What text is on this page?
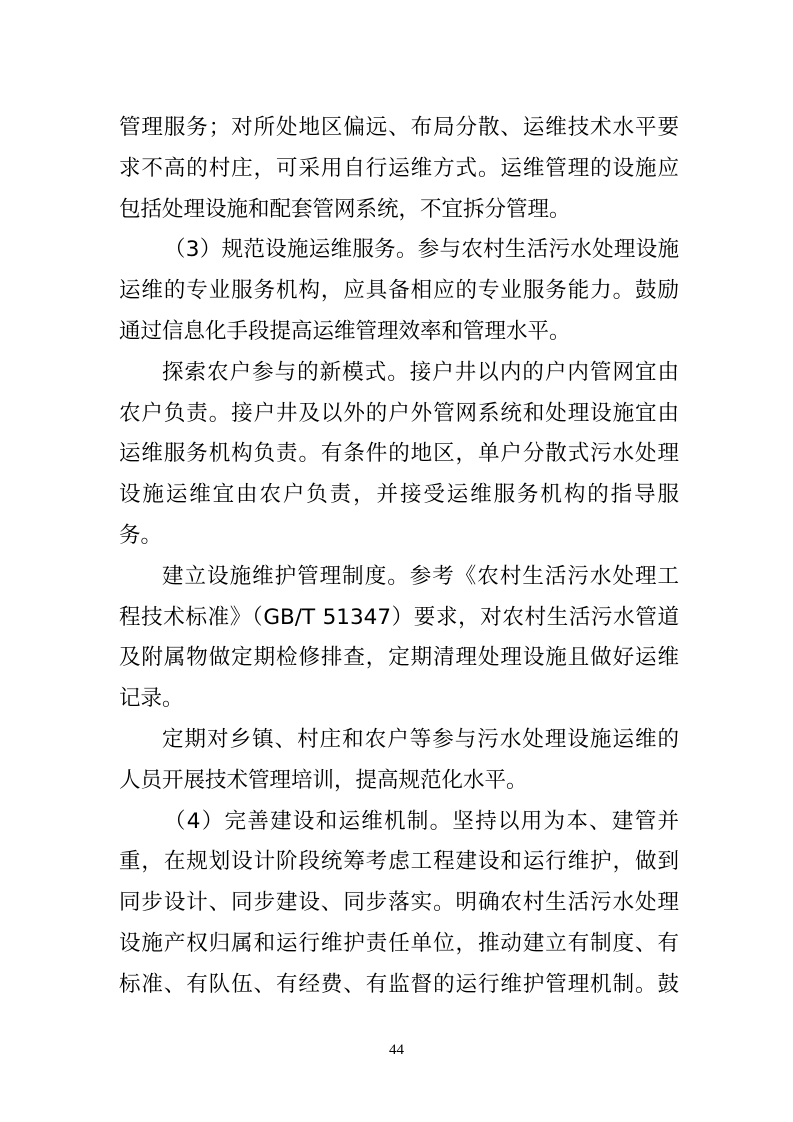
管理服务；对所处地区偏远、布局分散、运维技术水平要
求不高的村庄，可采用自行运维方式。运维管理的设施应
包括处理设施和配套管网系统，不宜拆分管理。
（3）规范设施运维服务。参与农村生活污水处理设施
运维的专业服务机构，应具备相应的专业服务能力。鼓励
通过信息化手段提高运维管理效率和管理水平。
探索农户参与的新模式。接户井以内的户内管网宜由
农户负责。接户井及以外的户外管网系统和处理设施宜由
运维服务机构负责。有条件的地区，单户分散式污水处理
设施运维宜由农户负责，并接受运维服务机构的指导服
务。
建立设施维护管理制度。参考《农村生活污水处理工
程技术标准》（GB/T 51347）要求，对农村生活污水管道
及附属物做定期检修排查，定期清理处理设施且做好运维
记录。
定期对乡镇、村庄和农户等参与污水处理设施运维的
人员开展技术管理培训，提高规范化水平。
（4）完善建设和运维机制。坚持以用为本、建管并
重，在规划设计阶段统筹考虑工程建设和运行维护，做到
同步设计、同步建设、同步落实。明确农村生活污水处理
设施产权归属和运行维护责任单位，推动建立有制度、有
标准、有队伍、有经费、有监督的运行维护管理机制。鼓
44
